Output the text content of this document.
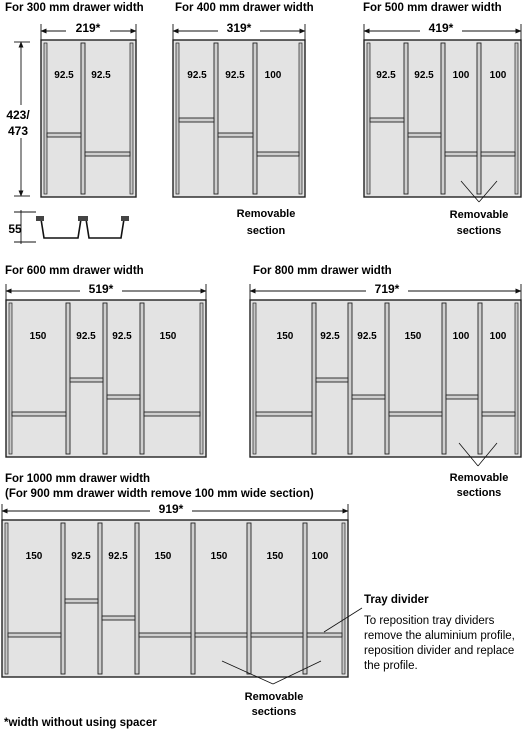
For 300 mm drawer width
219*
423/
473
92.5 92.5
55
For 400 mm drawer width
319*
92.5 92.5 100
Removable
section
For 500 mm drawer width
419*
92.5 92.5 100 100
Removable
sections
For 600 mm drawer width
519*
150	92.5 92.5	150
For 800 mm drawer width
719*
150	92.5 92.5	150	100 100
Removable
sections
For 1000 mm drawer width
(For 900 mm drawer width remove 100 mm wide section)
919*
150	92.5 92.5	150	150	150	100
Removable
sections
Tray divider
To reposition tray dividers
remove the aluminium profile,
reposition divider and replace
the profile.
*width without using spacer
